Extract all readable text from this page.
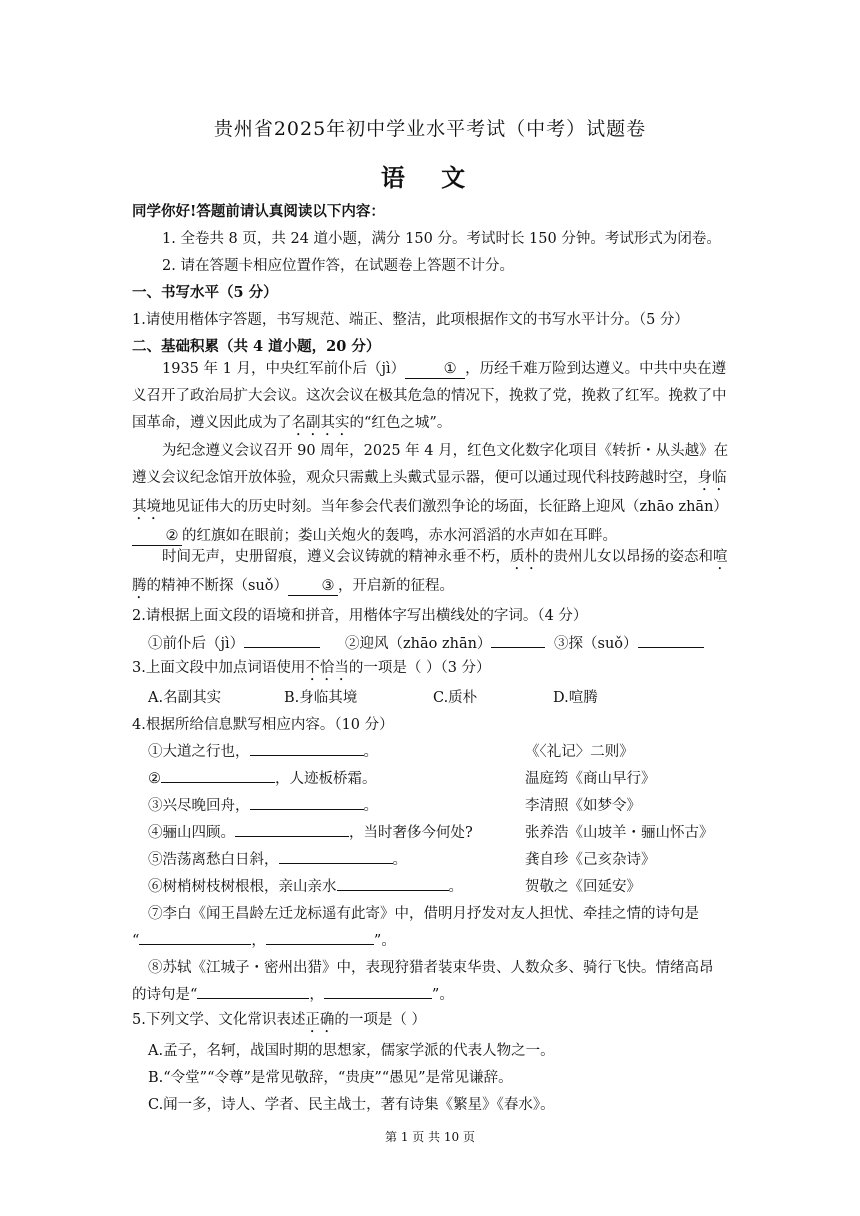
贵州省2025年初中学业水平考试（中考）试题卷
语 文
同学你好!答题前请认真阅读以下内容：
1. 全卷共 8 页，共 24 道小题，满分 150 分。考试时长 150 分钟。考试形式为闭卷。
2. 请在答题卡相应位置作答，在试题卷上答题不计分。
一、书写水平（5 分）
1.请使用楷体字答题，书写规范、端正、整洁，此项根据作文的书写水平计分。（5 分）
二、基础积累（共 4 道小题，20 分）
1935 年 1 月，中央红军前仆后（jì）	① ，历经千难万险到达遵义。中共中央在遵义召开了政治局扩大会议。这次会议在极其危急的情况下，挽救了党，挽救了红军。挽救了中国革命，遵义因此成为了名副其实的“红色之城”。
为纪念遵义会议召开 90 周年，2025 年 4 月，红色文化数字化项目《转折・从头越》在遵义会议纪念馆开放体验，观众只需戴上头戴式显示器，便可以通过现代科技跨越时空，身临其境地见证伟大的历史时刻。当年参会代表们激烈争论的场面，长征路上迎风（zhāo zhān）② 的红旗如在眼前；娄山关炮火的轰鸣，赤水河滔滔的水声如在耳畔。
时间无声，史册留痕，遵义会议铸就的精神永垂不朽，质朴的贵州儿女以昂扬的姿态和喧腾的精神不断探（suǒ） ③ ，开启新的征程。
2.请根据上面文段的语境和拼音，用楷体字写出横线处的字词。（4 分）
①前仆后（jì）	②迎风（zhāo zhān）	③探（suǒ）
3.上面文段中加点词语使用不恰当的一项是（ ）（3 分）
A.名副其实	B.身临其境	C.质朴	D.喧腾
4.根据所给信息默写相应内容。（10 分）
①大道之行也，	。	《〈礼记〉二则》
②	，人迹板桥霜。	温庭筠《商山早行》
③兴尽晚回舟，	。	李清照《如梦令》
④骊山四顾。	，当时奢侈今何处?	张养浩《山坡羊・骊山怀古》
⑤浩荡离愁白日斜，	。	龚自珍《己亥杂诗》
⑥树梢树枝树根根，亲山亲水	。	贺敬之《回延安》
⑦李白《闻王昌龄左迁龙标遥有此寄》中，借明月抒发对友人担忧、牵挂之情的诗句是
“	，	”。
⑧苏轼《江城子・密州出猎》中，表现狩猎者装束华贵、人数众多、骑行飞快。情绪高昂
的诗句是“	，	”。
5.下列文学、文化常识表述正确的一项是（ ）
A.孟子，名轲，战国时期的思想家，儒家学派的代表人物之一。
B.“令堂”“令尊”是常见敬辞，“贵庚”“愚见”是常见谦辞。
C.闻一多，诗人、学者、民主战士，著有诗集《繁星》《春水》。
第 1 页 共 10 页
